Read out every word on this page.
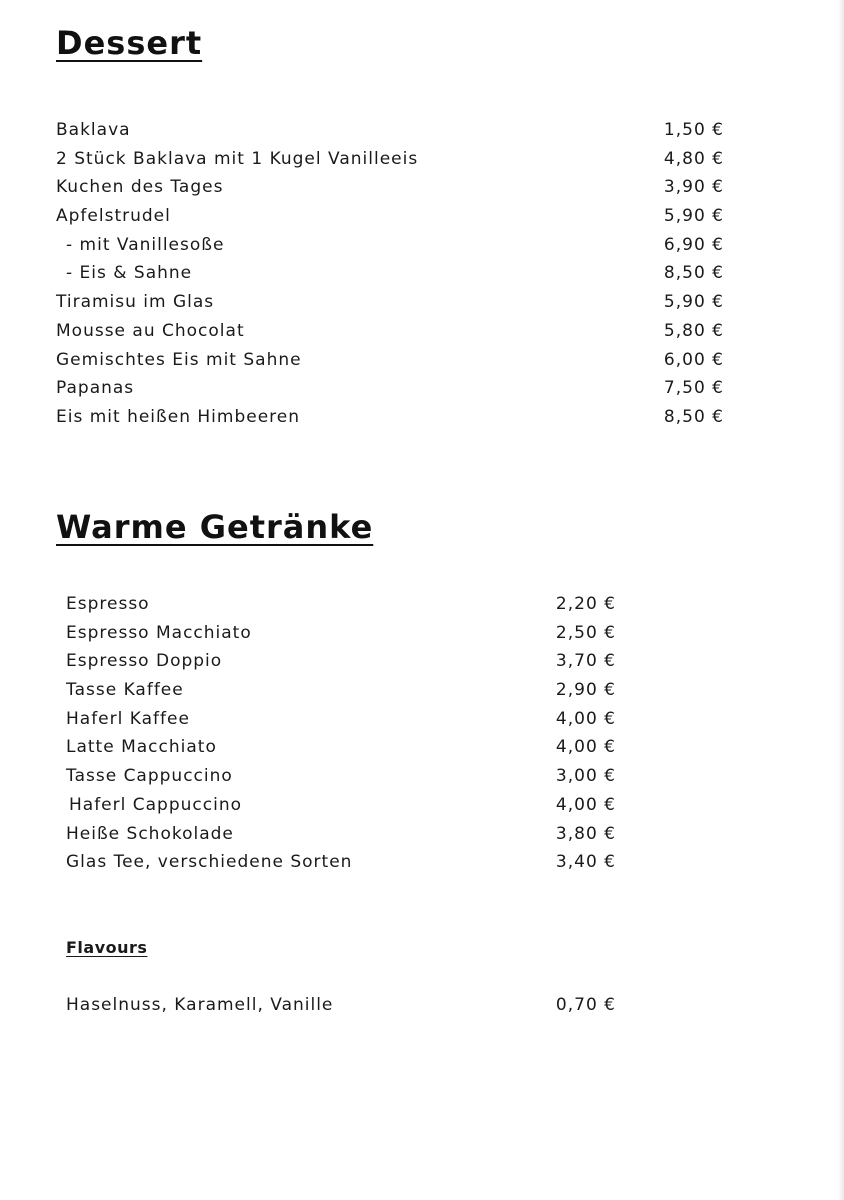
Dessert
Baklava	1,50 €
2 Stück Baklava mit 1 Kugel Vanilleeis	4,80 €
Kuchen des Tages	3,90 €
Apfelstrudel	5,90 €
- mit Vanillesoße	6,90 €
- Eis & Sahne	8,50 €
Tiramisu im Glas	5,90 €
Mousse au Chocolat	5,80 €
Gemischtes Eis mit Sahne	6,00 €
Papanas	7,50 €
Eis mit heißen Himbeeren	8,50 €
Warme Getränke
Espresso	2,20 €
Espresso Macchiato	2,50 €
Espresso Doppio	3,70 €
Tasse Kaffee	2,90 €
Haferl Kaffee	4,00 €
Latte Macchiato	4,00 €
Tasse Cappuccino	3,00 €
Haferl Cappuccino	4,00 €
Heiße Schokolade	3,80 €
Glas Tee, verschiedene Sorten	3,40 €
Flavours
Haselnuss, Karamell, Vanille	0,70 €
